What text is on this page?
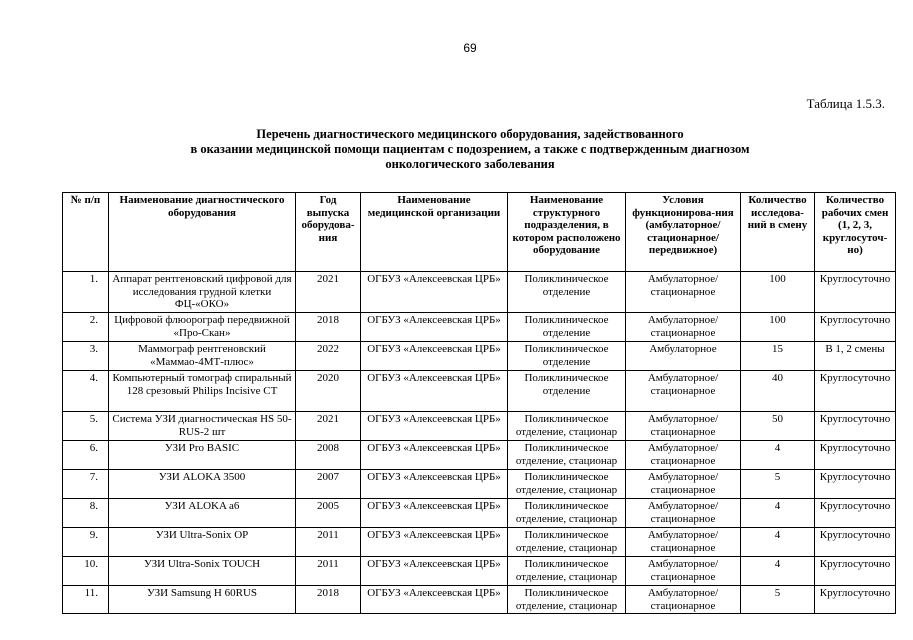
69
Таблица 1.5.3.
Перечень диагностического медицинского оборудования, задействованного
в оказании медицинской помощи пациентам с подозрением, а также с подтвержденным диагнозом
онкологического заболевания
№ п/п	Наименование диагностического оборудования	Год выпуска оборудова-ния	Наименование медицинской организации	Наименование структурного подразделения, в котором расположено оборудование	Условия функционирова-ния (амбулаторное/ стационарное/ передвижное)	Количество исследова-ний в смену	Количество рабочих смен (1, 2, 3, круглосуточ-но)
1.	Аппарат рентгеновский цифровой для исследования грудной клетки ФЦ-«ОКО»	2021	ОГБУЗ «Алексеевская ЦРБ»	Поликлиническое отделение	Амбулаторное/ стационарное	100	Круглосуточно
2.	Цифровой флюорограф передвижной «Про-Скан»	2018	ОГБУЗ «Алексеевская ЦРБ»	Поликлиническое отделение	Амбулаторное/ стационарное	100	Круглосуточно
3.	Маммограф рентгеновский «Маммао-4МТ-плюс»	2022	ОГБУЗ «Алексеевская ЦРБ»	Поликлиническое отделение	Амбулаторное	15	В 1, 2 смены
4.	Компьютерный томограф спиральный 128 срезовый Philips Incisive CT	2020	ОГБУЗ «Алексеевская ЦРБ»	Поликлиническое отделение	Амбулаторное/ стационарное	40	Круглосуточно
5.	Система УЗИ диагностическая HS 50-RUS-2 шт	2021	ОГБУЗ «Алексеевская ЦРБ»	Поликлиническое отделение, стационар	Амбулаторное/ стационарное	50	Круглосуточно
6.	УЗИ Pro BASIC	2008	ОГБУЗ «Алексеевская ЦРБ»	Поликлиническое отделение, стационар	Амбулаторное/ стационарное	4	Круглосуточно
7.	УЗИ ALOKA 3500	2007	ОГБУЗ «Алексеевская ЦРБ»	Поликлиническое отделение, стационар	Амбулаторное/ стационарное	5	Круглосуточно
8.	УЗИ ALOKA a6	2005	ОГБУЗ «Алексеевская ЦРБ»	Поликлиническое отделение, стационар	Амбулаторное/ стационарное	4	Круглосуточно
9.	УЗИ Ultra-Sonix OP	2011	ОГБУЗ «Алексеевская ЦРБ»	Поликлиническое отделение, стационар	Амбулаторное/ стационарное	4	Круглосуточно
10.	УЗИ Ultra-Sonix TOUCH	2011	ОГБУЗ «Алексеевская ЦРБ»	Поликлиническое отделение, стационар	Амбулаторное/ стационарное	4	Круглосуточно
11.	УЗИ Samsung H 60RUS	2018	ОГБУЗ «Алексеевская ЦРБ»	Поликлиническое отделение, стационар	Амбулаторное/ стационарное	5	Круглосуточно
